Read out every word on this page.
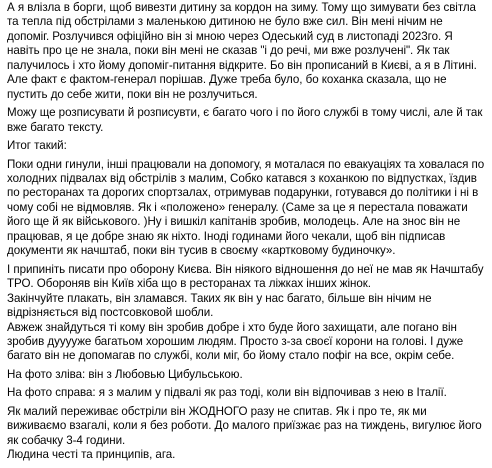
А я влізла в борги, щоб вивезти дитину за кордон на зиму. Тому що зимувати без світла та тепла під обстрілами з маленькою дитиною не було вже сил. Він мені нічим не допоміг. Розлучився офіційно він зі мною через Одеський суд в листопаді 2023го. Я навіть про це не знала, поки він мені не сказав "і до речі, ми вже розлучені". Як так палучилось і хто йому допоміг-питання відкрите. Бо він прописаний в Києві, а я в Літині. Але факт є фактом-генерал порішав. Дуже треба було, бо коханка сказала, що не пустить до себе жити, поки він не розлучиться.

Можу ще розписувати й розписувти, є багато чого і по його службі в тому числі, але й так вже багато тексту.

Итог такий:

Поки одни гинули, інші працювали на допомогу, я моталася по евакуаціях та ховалася по холодних підвалах від обстрілів з малим, Собко катався з коханкою по відпустках, їздив по ресторанах та дорогих спортзалах, отримував подарунки, готувався до політики і ні в чому собі не відмовляв. Як і «положено» генералу. (Саме за це я перестала поважати його ще й як військового. )Ну і вишкіл капітанів зробив, молодець. Але на знос він не працював, я це добре знаю як ніхто. Іноді годинами його чекали, щоб він підписав документи як начштаб, поки він тусив в своєму «картковому будиночку».

І припиніть писати про оборону Києва. Він ніякого відношення до неї не мав як Начштабу ТРО. Обороняв він Київ хіба що в ресторанах та ліжках інших жінок.

Закінчуйте плакать, він зламався. Таких як він у нас багато, більше він нічим не відрізняється від постсовковой шобли.

Авжеж знайдуться ті кому він зробив добре і хто буде його захищати, але погано він зробив дууууже багатьом хорошим людям. Просто з-за своєї корони на голові. І дуже багато він не допомагав по службі, коли міг, бо йому стало пофіг на все, окрім себе.

На фото зліва: він з Любовью Цибульською.

На фото справа: я з малим у підвалі як раз тоді, коли він відпочивав з нею в Італії.

Як малий переживає обстріли він ЖОДНОГО разу не спитав. Як і про те, як ми виживаємо взагалі, коли я без роботи. До малого приїзжає раз на тиждень, вигулює його як собачку 3-4 години.

Людина честі та принципів, ага.
